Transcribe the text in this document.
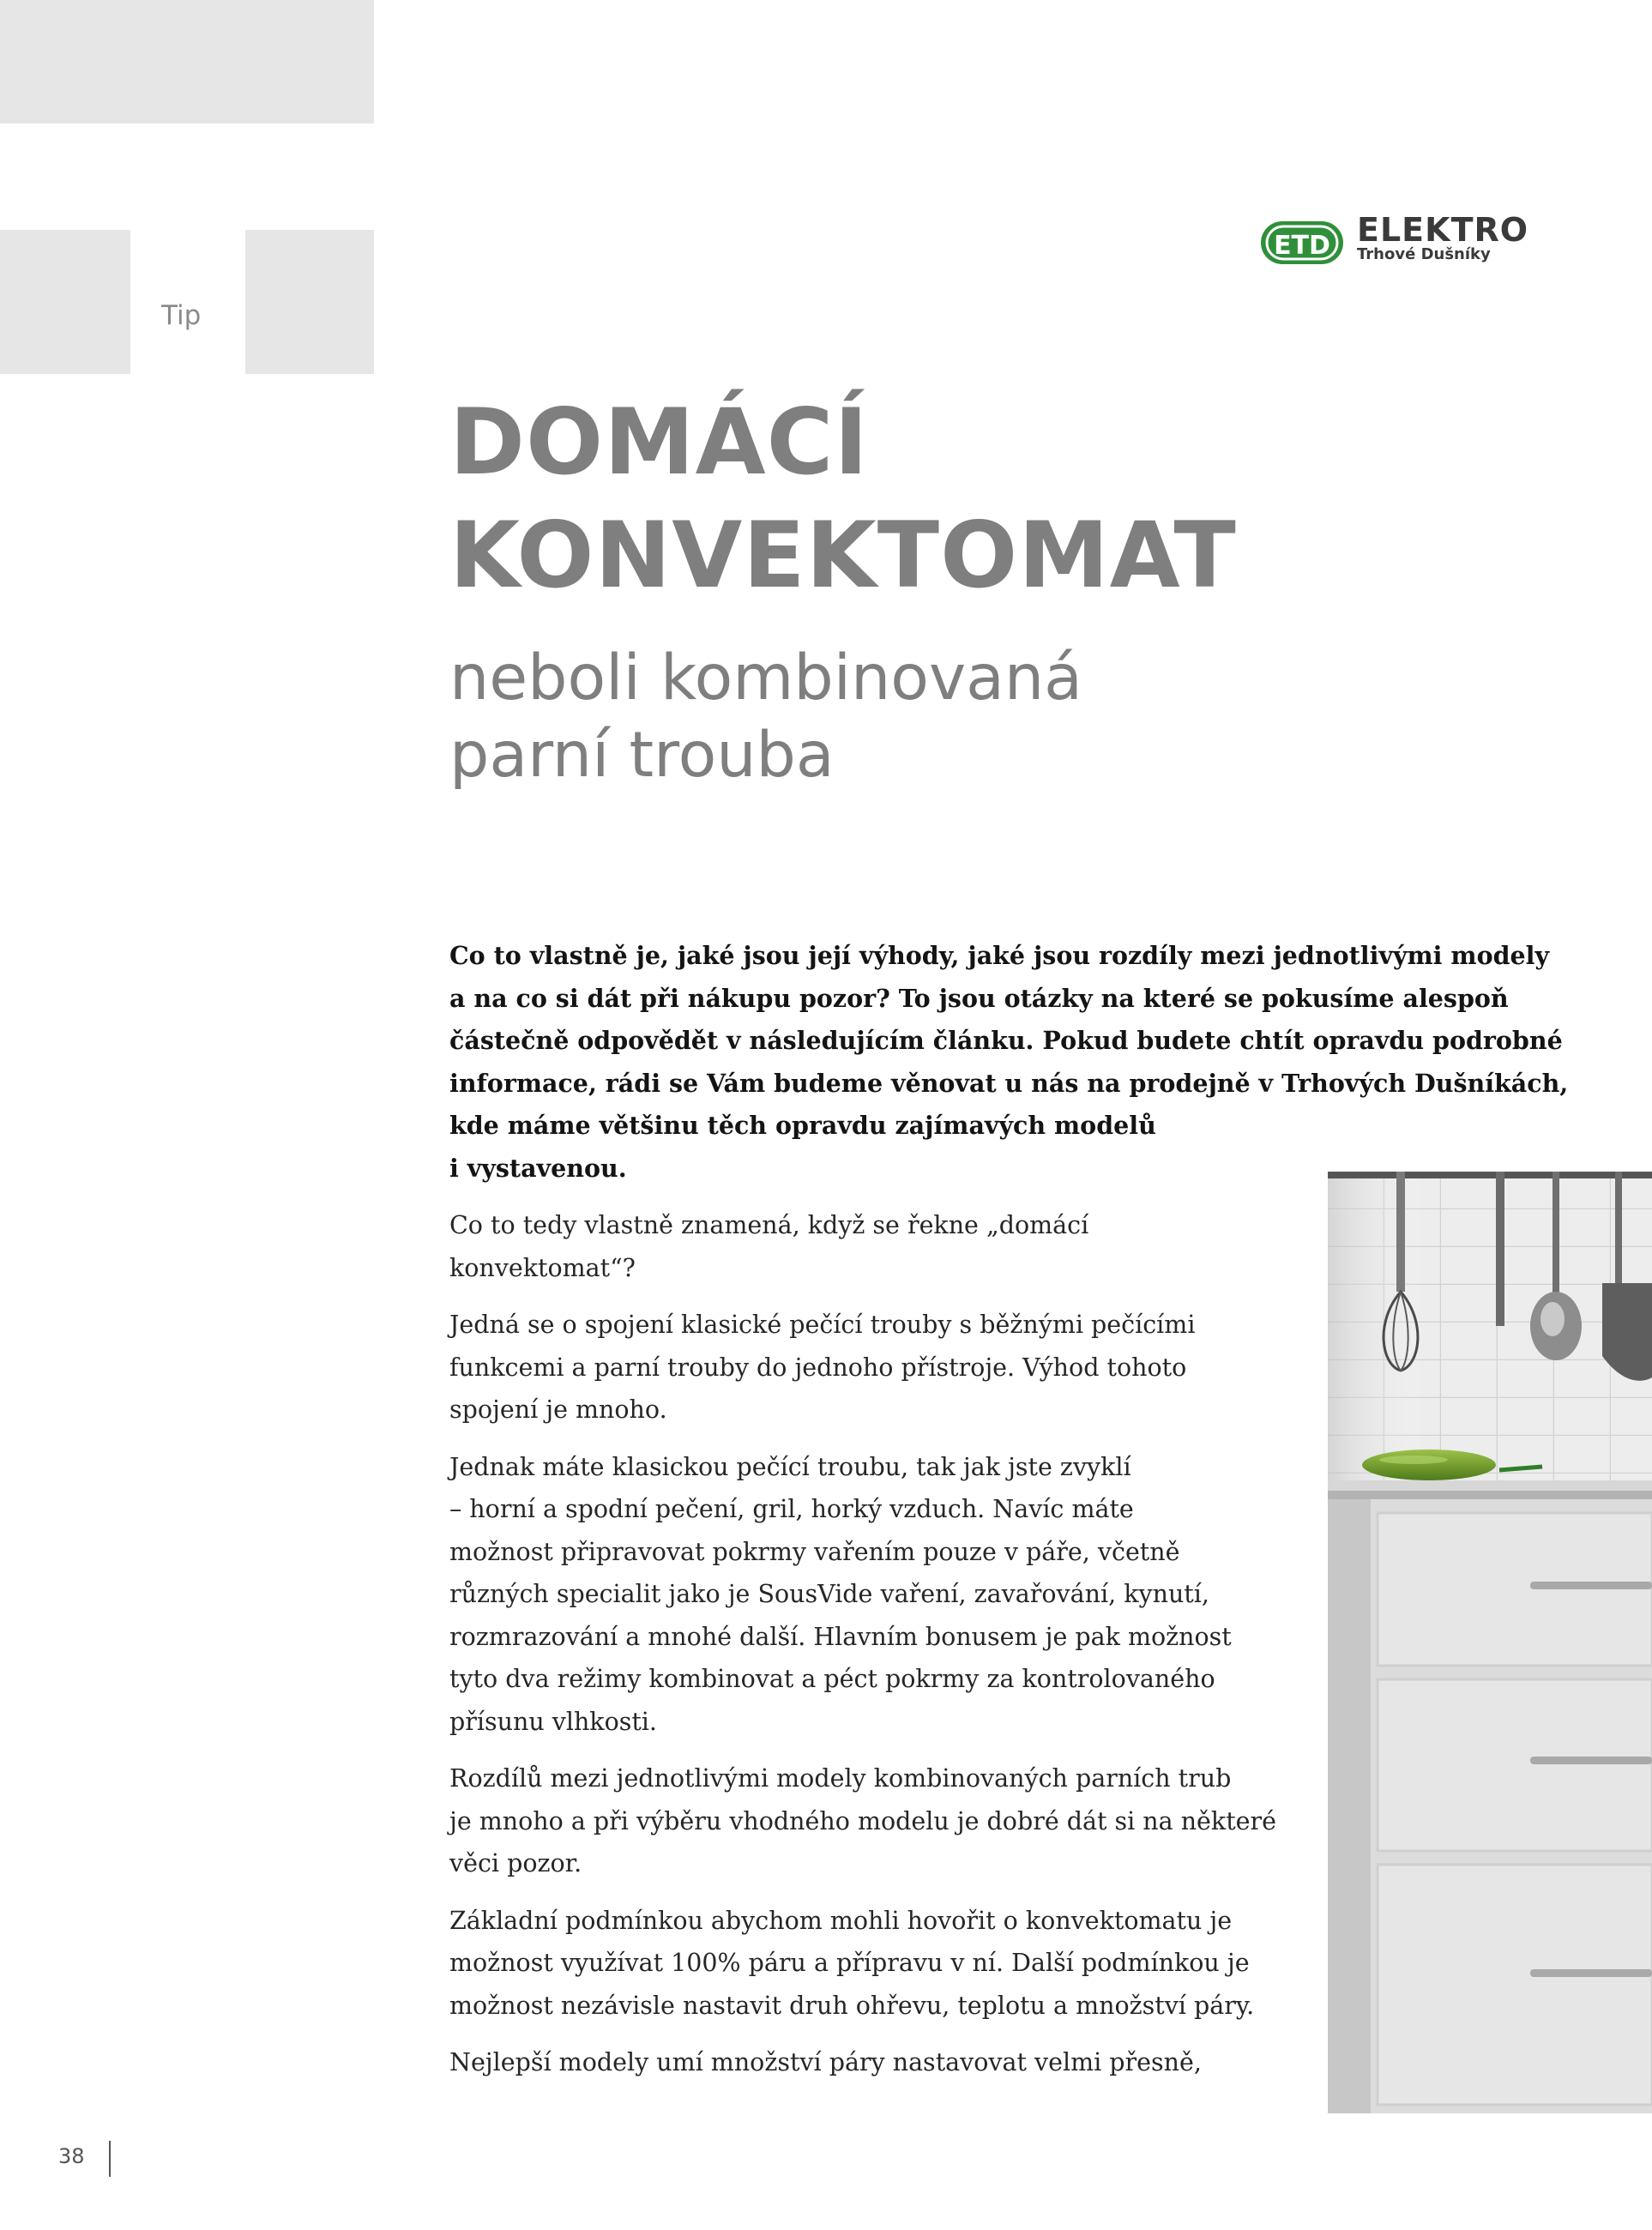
Tip
ETD ELEKTRO
Trhové Dušníky
DOMÁCÍ
KONVEKTOMAT
neboli kombinovaná
parní trouba

Co to vlastně je, jaké jsou její výhody, jaké jsou rozdíly mezi jednotlivými modely
a na co si dát při nákupu pozor? To jsou otázky na které se pokusíme alespoň
částečně odpovědět v následujícím článku. Pokud budete chtít opravdu podrobné
informace, rádi se Vám budeme věnovat u nás na prodejně v Trhových Dušníkách,
kde máme většinu těch opravdu zajímavých modelů
i vystavenou.

Co to tedy vlastně znamená, když se řekne „domácí
konvektomat“?

Jedná se o spojení klasické pečící trouby s běžnými pečícími
funkcemi a parní trouby do jednoho přístroje. Výhod tohoto
spojení je mnoho.

Jednak máte klasickou pečící troubu, tak jak jste zvyklí
– horní a spodní pečení, gril, horký vzduch. Navíc máte
možnost připravovat pokrmy vařením pouze v páře, včetně
různých specialit jako je SousVide vaření, zavařování, kynutí,
rozmrazování a mnohé další. Hlavním bonusem je pak možnost
tyto dva režimy kombinovat a péct pokrmy za kontrolovaného
přísunu vlhkosti.

Rozdílů mezi jednotlivými modely kombinovaných parních trub
je mnoho a při výběru vhodného modelu je dobré dát si na některé
věci pozor.

Základní podmínkou abychom mohli hovořit o konvektomatu je
možnost využívat 100% páru a přípravu v ní. Další podmínkou je
možnost nezávisle nastavit druh ohřevu, teplotu a množství páry.

Nejlepší modely umí množství páry nastavovat velmi přesně,

38
